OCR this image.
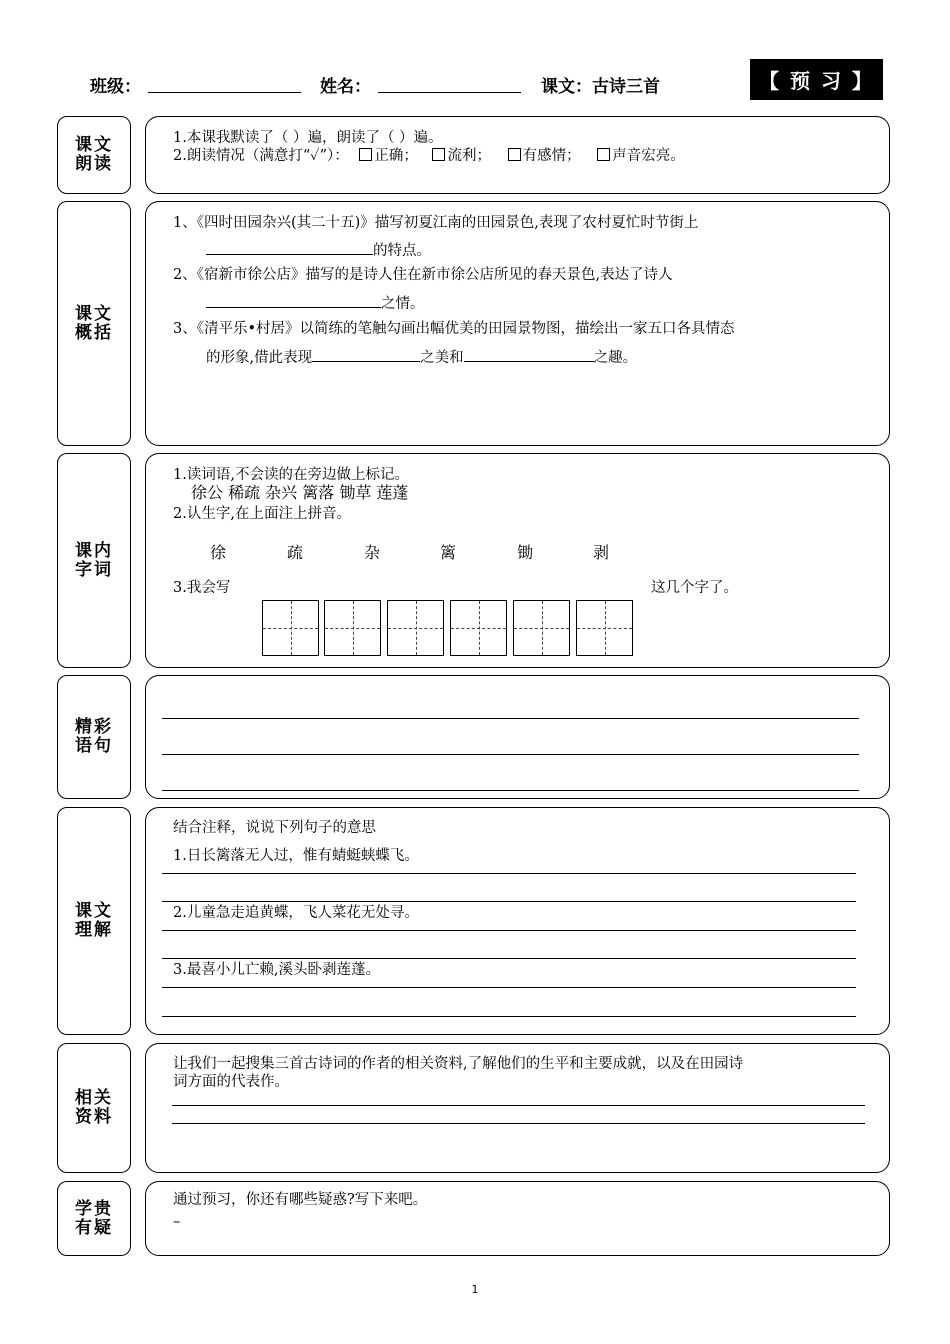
班级：	姓名：	课文：古诗三首	【 预 习 】
课文朗读
1.本课我默读了（ ）遍，朗读了（ ）遍。
2.朗读情况（满意打“✓”）： 正确； 流利； 有感情； 声音宏亮。
课文概括
1、《四时田园杂兴(其二十五)》描写初夏江南的田园景色,表现了农村夏忙时节街上
的特点。
2、《宿新市徐公店》描写的是诗人住在新市徐公店所见的春天景色,表达了诗人
之情。
3、《清平乐•村居》以简练的笔触勾画出幅优美的田园景物图，描绘出一家五口各具情态
的形象,借此表现	之美和	之趣。
课内字词
1.读词语,不会读的在旁边做上标记。
徐公 稀疏 杂兴 篱落 锄草 莲蓬
2.认生字,在上面注上拼音。
3.我会写	这几个字了。
徐	疏	杂	篱	锄	剥
精彩语句
课文理解
结合注释，说说下列句子的意思
1.日长篱落无人过，惟有蜻蜓蛱蝶飞。
2.儿童急走追黄蝶，飞人菜花无处寻。
3.最喜小儿亡赖,溪头卧剥莲蓬。
相关资料
让我们一起搜集三首古诗词的作者的相关资料,了解他们的生平和主要成就，以及在田园诗
词方面的代表作。
学贵有疑
通过预习，你还有哪些疑惑?写下来吧。
–
1
